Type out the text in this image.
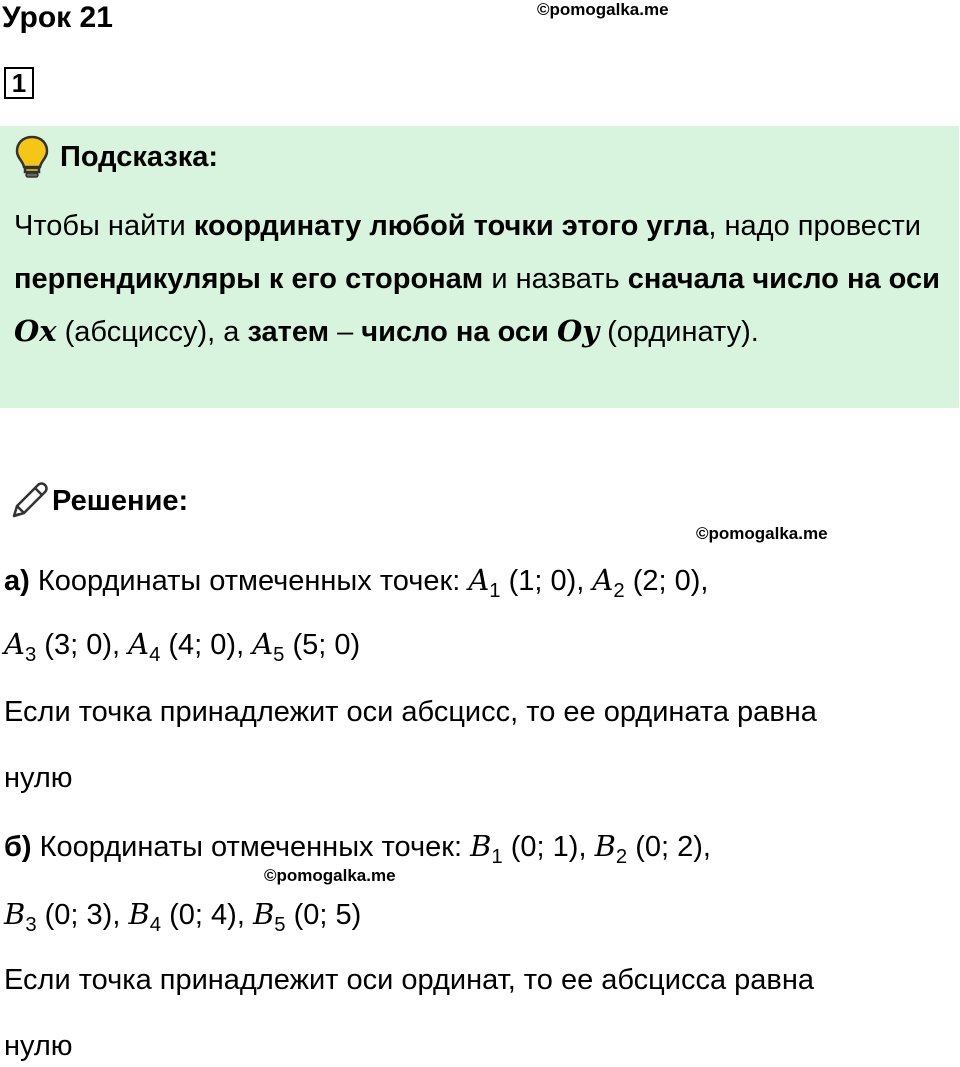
Урок 21	©pomogalka.me
1
Подсказка:
Чтобы найти координату любой точки этого угла, надо провести перпендикуляры к его сторонам и назвать сначала число на оси Ox (абсциссу), а затем – число на оси Oy (ординату).
Решение:
©pomogalka.me
а) Координаты отмеченных точек: $A_1$ (1; 0), $A_2$ (2; 0),
$A_3$ (3; 0), $A_4$ (4; 0), $A_5$ (5; 0)
Если точка принадлежит оси абсцисс, то ее ордината равна
нулю
б) Координаты отмеченных точек: $B_1$ (0; 1), $B_2$ (0; 2),
©pomogalka.me
$B_3$ (0; 3), $B_4$ (0; 4), $B_5$ (0; 5)
Если точка принадлежит оси ординат, то ее абсцисса равна
нулю
